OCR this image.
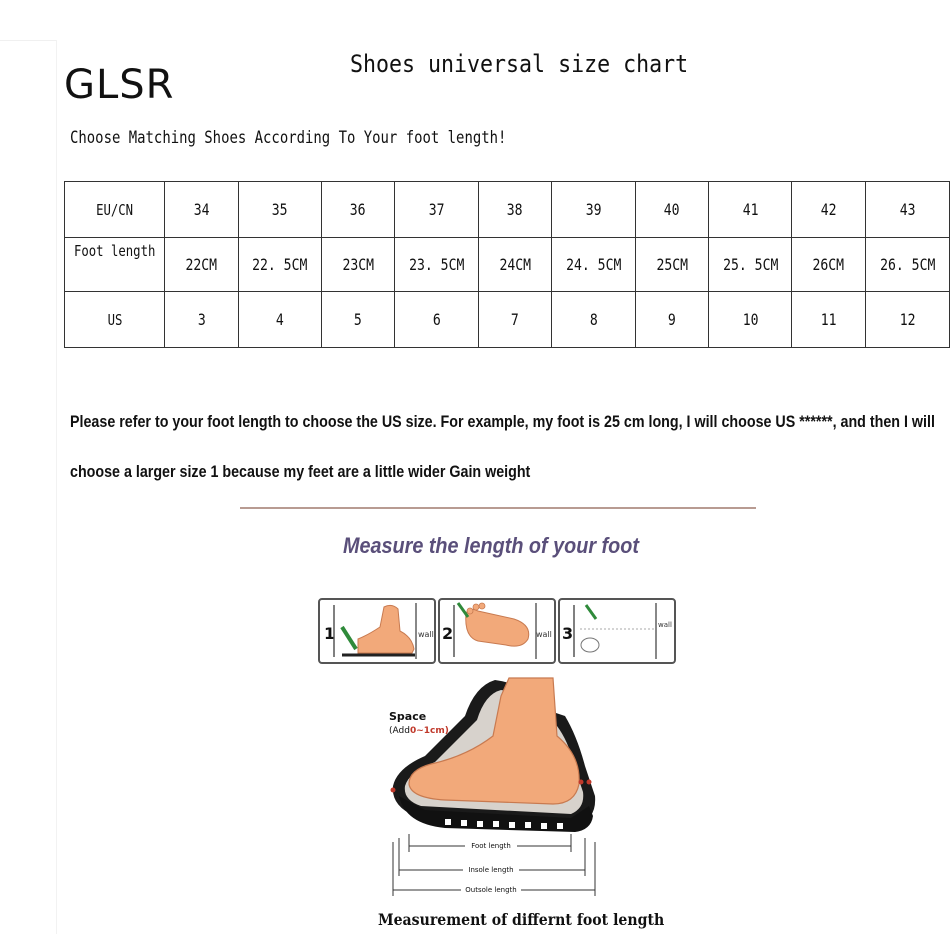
GLSR	Shoes universal size chart
Choose Matching Shoes According To Your foot length!
EU/CN	34	35	36	37	38	39	40	41	42	43
Foot length	22CM	22. 5CM	23CM	23. 5CM	24CM	24. 5CM	25CM	25. 5CM	26CM	26. 5CM
US	3	4	5	6	7	8	9	10	11	12
Please refer to your foot length to choose the US size. For example, my foot is 25 cm long, I will choose US ******, and then I will
choose a larger size 1 because my feet are a little wider Gain weight
Measure the length of your foot
1	wall 2	wall 3	wall
Space
(Add0~1cm)
Foot length
Insole length
Outsole length
Measurement of differnt foot length
